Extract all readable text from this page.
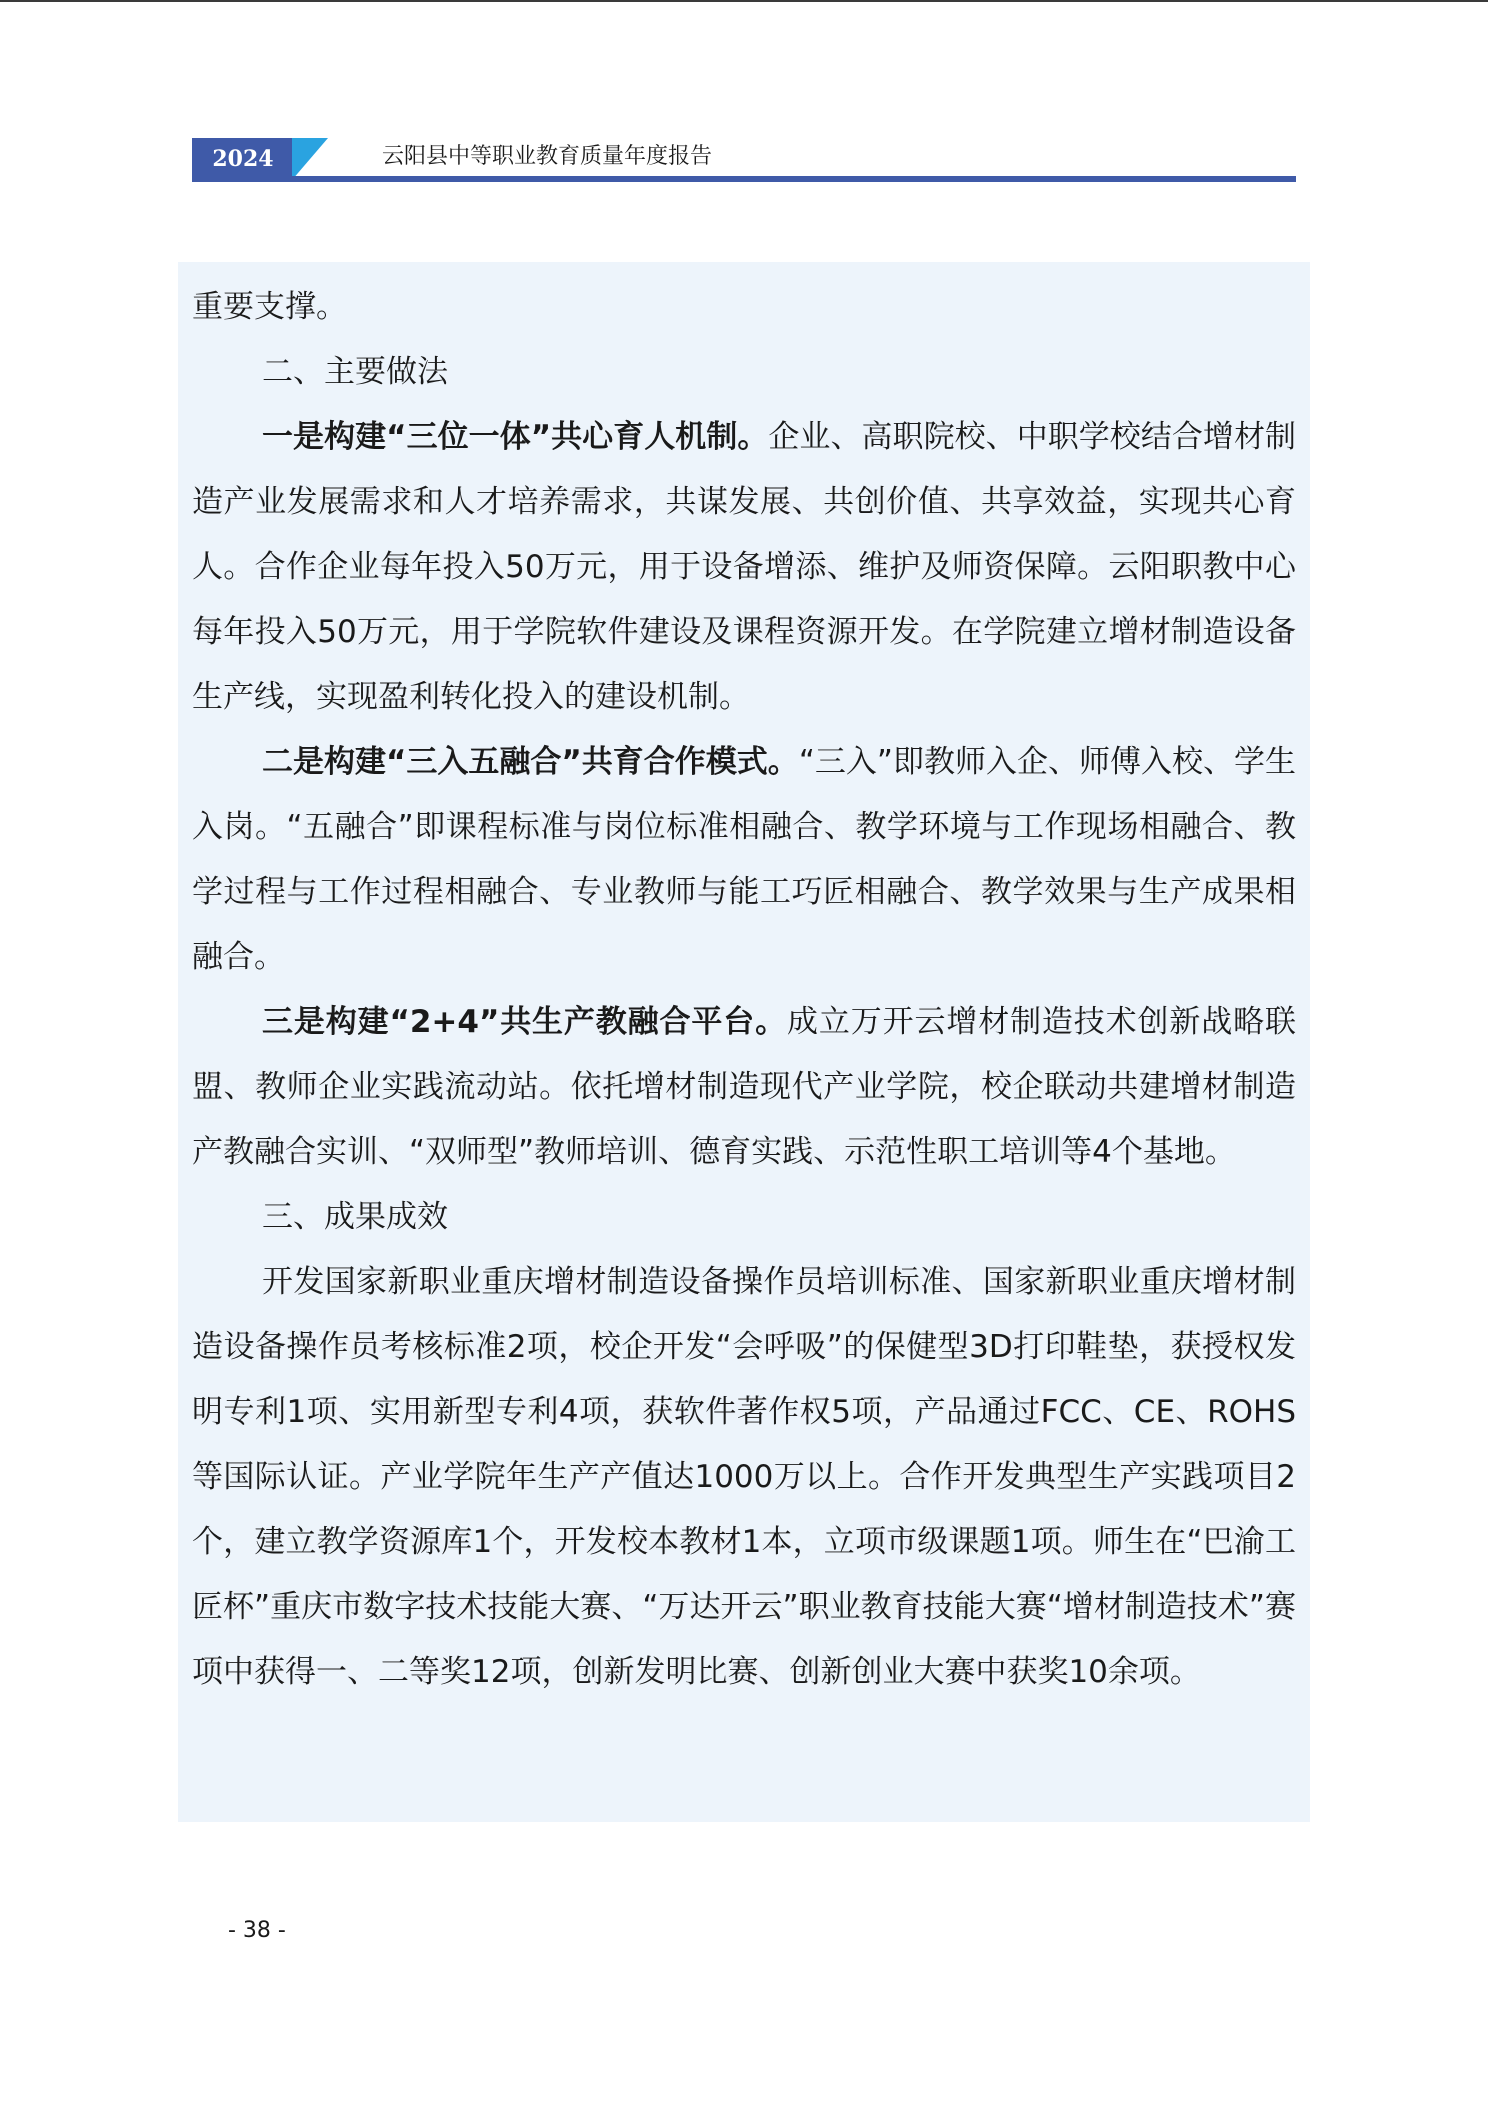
2024	云阳县中等职业教育质量年度报告

重要支撑。

二、主要做法

一是构建“三位一体”共心育人机制。企业、高职院校、中职学校结合增材制造产业发展需求和人才培养需求，共谋发展、共创价值、共享效益，实现共心育人。合作企业每年投入50万元，用于设备增添、维护及师资保障。云阳职教中心每年投入50万元，用于学院软件建设及课程资源开发。在学院建立增材制造设备生产线，实现盈利转化投入的建设机制。

二是构建“三入五融合”共育合作模式。“三入”即教师入企、师傅入校、学生入岗。“五融合”即课程标准与岗位标准相融合、教学环境与工作现场相融合、教学过程与工作过程相融合、专业教师与能工巧匠相融合、教学效果与生产成果相融合。

三是构建“2+4”共生产教融合平台。成立万开云增材制造技术创新战略联盟、教师企业实践流动站。依托增材制造现代产业学院，校企联动共建增材制造产教融合实训、“双师型”教师培训、德育实践、示范性职工培训等4个基地。

三、成果成效

开发国家新职业重庆增材制造设备操作员培训标准、国家新职业重庆增材制造设备操作员考核标准2项，校企开发“会呼吸”的保健型3D打印鞋垫，获授权发明专利1项、实用新型专利4项，获软件著作权5项，产品通过FCC、CE、ROHS等国际认证。产业学院年生产产值达1000万以上。合作开发典型生产实践项目2个，建立教学资源库1个，开发校本教材1本，立项市级课题1项。师生在“巴渝工匠杯”重庆市数字技术技能大赛、“万达开云”职业教育技能大赛“增材制造技术”赛项中获得一、二等奖12项，创新发明比赛、创新创业大赛中获奖10余项。

- 38 -
